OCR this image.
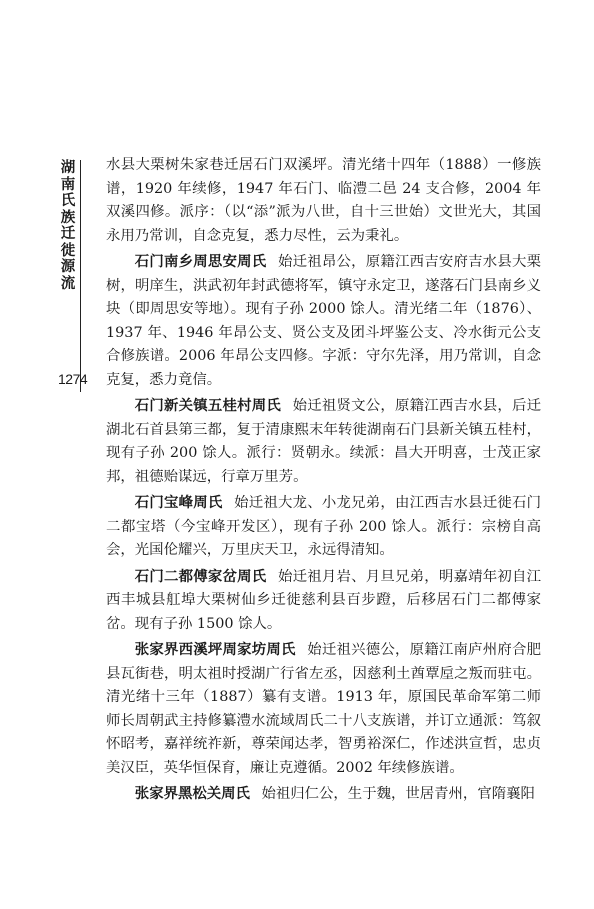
湖南氏族迁徙源流
1274

水县大栗树朱家巷迁居石门双溪坪。清光绪十四年（1888）一修族谱，1920 年续修，1947 年石门、临澧二邑 24 支合修，2004 年双溪四修。派序：（以“添”派为八世，自十三世始）文世光大，其国永用乃常训，自念克复，悉力尽性，云为秉礼。

石门南乡周思安周氏 始迁祖昂公，原籍江西吉安府吉水县大栗树，明庠生，洪武初年封武德将军，镇守永定卫，遂落石门县南乡义块（即周思安等地）。现有子孙 2000 馀人。清光绪二年（1876）、1937 年、1946 年昂公支、贤公支及团斗坪鉴公支、冷水街元公支合修族谱。2006 年昂公支四修。字派：守尔先泽，用乃常训，自念克复，悉力竟信。

石门新关镇五桂村周氏 始迁祖贤文公，原籍江西吉水县，后迁湖北石首县第三都，复于清康熙末年转徙湖南石门县新关镇五桂村，现有子孙 200 馀人。派行：贤朝永。续派：昌大开明喜，士茂正家邦，祖德贻谋远，行章万里芳。

石门宝峰周氏 始迁祖大龙、小龙兄弟，由江西吉水县迁徙石门二都宝塔（今宝峰开发区），现有子孙 200 馀人。派行：宗榜自高会，光国伦耀兴，万里庆天卫，永远得清知。

石门二都傅家岔周氏 始迁祖月岩、月旦兄弟，明嘉靖年初自江西丰城县舡埠大栗树仙乡迁徙慈利县百步蹬，后移居石门二都傅家岔。现有子孙 1500 馀人。

张家界西溪坪周家坊周氏 始迁祖兴德公，原籍江南庐州府合肥县瓦街巷，明太祖时授湖广行省左丞，因慈利土酋覃垕之叛而驻屯。清光绪十三年（1887）纂有支谱。1913 年，原国民革命军第二师师长周朝武主持修纂澧水流域周氏二十八支族谱，并订立通派：笃叙怀昭考，嘉祥统祚新，尊荣闻达孝，智勇裕深仁，作述洪宣哲，忠贞美汉臣，英华恒保育，廉让克遵循。2002 年续修族谱。

张家界黑松关周氏 始祖归仁公，生于魏，世居青州，官隋襄阳
